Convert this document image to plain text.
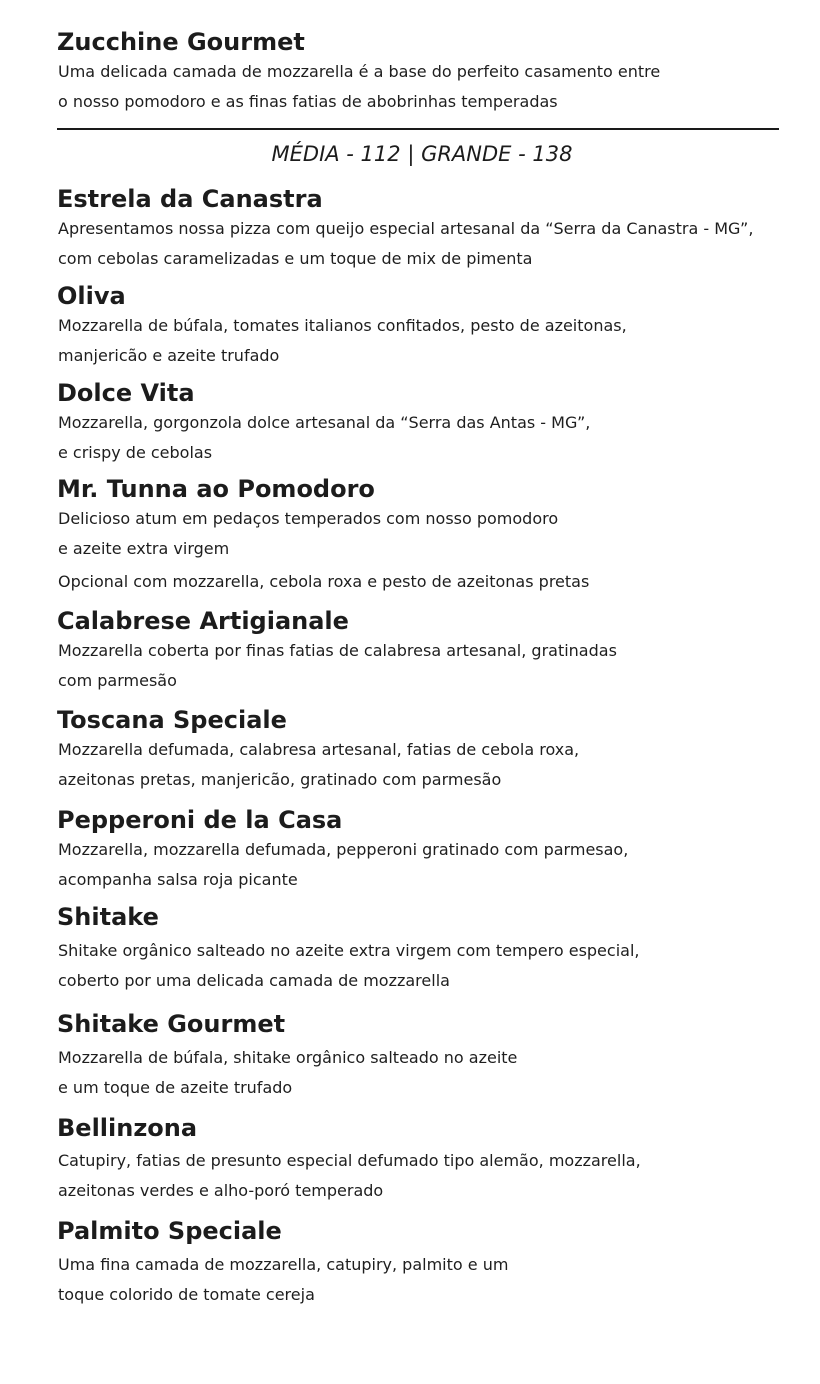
Zucchine Gourmet

Uma delicada camada de mozzarella é a base do perfeito casamento entre

o nosso pomodoro e as finas fatias de abobrinhas temperadas

MÉDIA - 112 | GRANDE - 138

Estrela da Canastra

Apresentamos nossa pizza com queijo especial artesanal da “Serra da Canastra - MG”,

com cebolas caramelizadas e um toque de mix de pimenta

Oliva

Mozzarella de búfala, tomates italianos confitados, pesto de azeitonas,

manjericão e azeite trufado

Dolce Vita

Mozzarella, gorgonzola dolce artesanal da “Serra das Antas - MG”,

e crispy de cebolas

Mr. Tunna ao Pomodoro

Delicioso atum em pedaços temperados com nosso pomodoro

e azeite extra virgem

Opcional com mozzarella, cebola roxa e pesto de azeitonas pretas

Calabrese Artigianale

Mozzarella coberta por finas fatias de calabresa artesanal, gratinadas

com parmesão

Toscana Speciale

Mozzarella defumada, calabresa artesanal, fatias de cebola roxa,

azeitonas pretas, manjericão, gratinado com parmesão

Pepperoni de la Casa

Mozzarella, mozzarella defumada, pepperoni gratinado com parmesao,

acompanha salsa roja picante

Shitake

Shitake orgânico salteado no azeite extra virgem com tempero especial,

coberto por uma delicada camada de mozzarella

Shitake Gourmet

Mozzarella de búfala, shitake orgânico salteado no azeite

e um toque de azeite trufado

Bellinzona

Catupiry, fatias de presunto especial defumado tipo alemão, mozzarella,

azeitonas verdes e alho-poró temperado

Palmito Speciale

Uma fina camada de mozzarella, catupiry, palmito e um

toque colorido de tomate cereja
